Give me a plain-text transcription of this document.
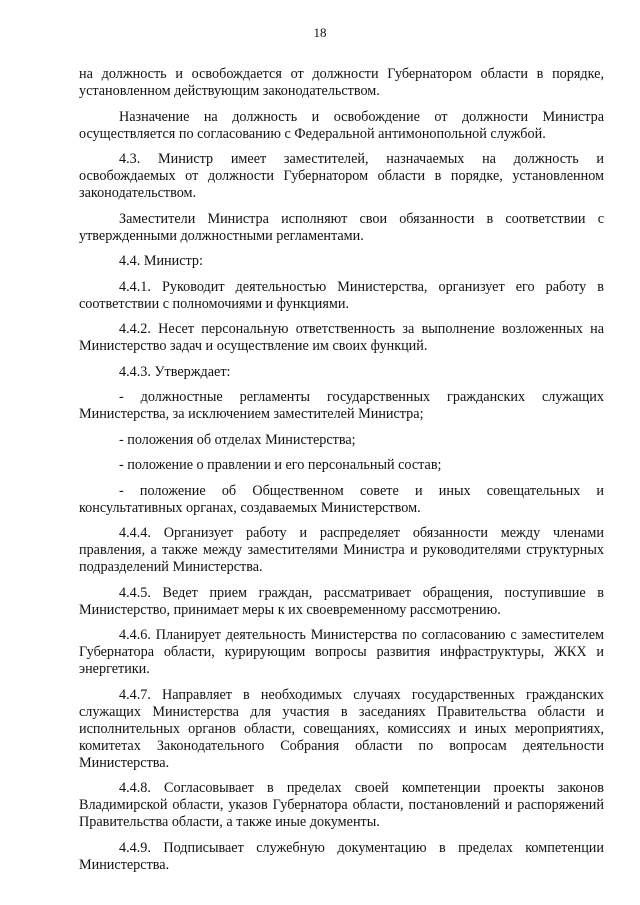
18

на должность и освобождается от должности Губернатором области в порядке, установленном действующим законодательством.

Назначение на должность и освобождение от должности Министра осуществляется по согласованию с Федеральной антимонопольной службой.

4.3. Министр имеет заместителей, назначаемых на должность и освобождаемых от должности Губернатором области в порядке, установленном законодательством.

Заместители Министра исполняют свои обязанности в соответствии с утвержденными должностными регламентами.

4.4. Министр:

4.4.1. Руководит деятельностью Министерства, организует его работу в соответствии с полномочиями и функциями.

4.4.2. Несет персональную ответственность за выполнение возложенных на Министерство задач и осуществление им своих функций.

4.4.3. Утверждает:

- должностные регламенты государственных гражданских служащих Министерства, за исключением заместителей Министра;

- положения об отделах Министерства;

- положение о правлении и его персональный состав;

- положение об Общественном совете и иных совещательных и консультативных органах, создаваемых Министерством.

4.4.4. Организует работу и распределяет обязанности между членами правления, а также между заместителями Министра и руководителями структурных подразделений Министерства.

4.4.5. Ведет прием граждан, рассматривает обращения, поступившие в Министерство, принимает меры к их своевременному рассмотрению.

4.4.6. Планирует деятельность Министерства по согласованию с заместителем Губернатора области, курирующим вопросы развития инфраструктуры, ЖКХ и энергетики.

4.4.7. Направляет в необходимых случаях государственных гражданских служащих Министерства для участия в заседаниях Правительства области и исполнительных органов области, совещаниях, комиссиях и иных мероприятиях, комитетах Законодательного Собрания области по вопросам деятельности Министерства.

4.4.8. Согласовывает в пределах своей компетенции проекты законов Владимирской области, указов Губернатора области, постановлений и распоряжений Правительства области, а также иные документы.

4.4.9. Подписывает служебную документацию в пределах компетенции Министерства.
